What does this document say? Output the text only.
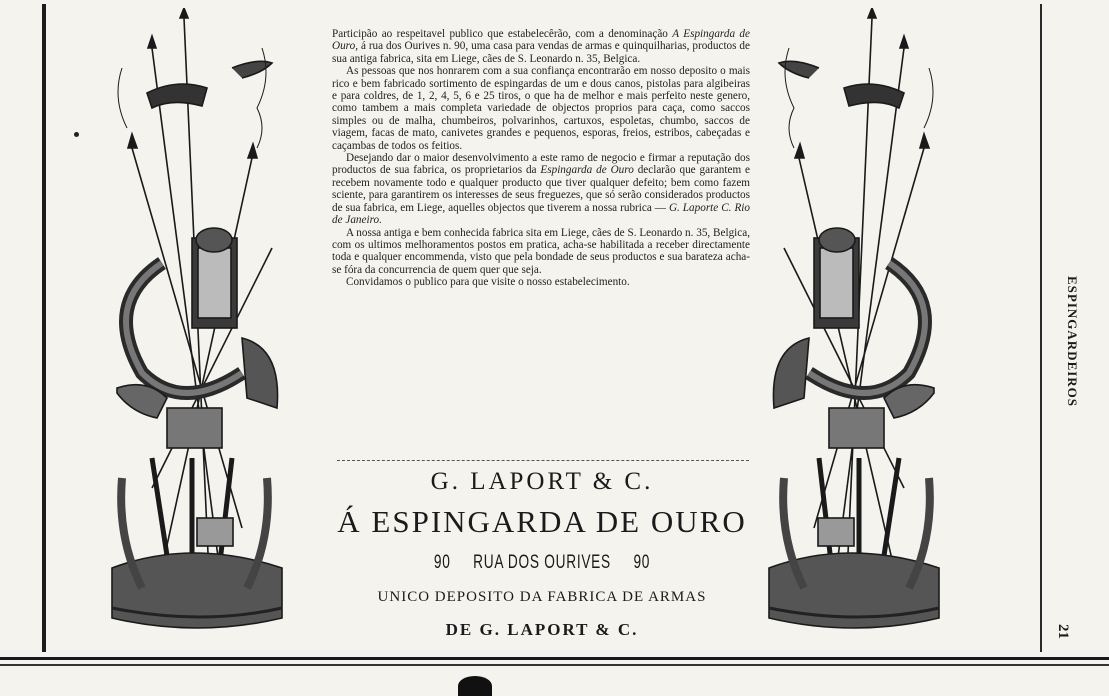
Participão ao respeitavel publico que estabelecêrão, com a denominação A Espingarda de Ouro, á rua dos Ourives n. 90, uma casa para vendas de armas e quinquilharias, productos de sua antiga fabrica, sita em Liege, cães de S. Leonardo n. 35, Belgica.

As pessoas que nos honrarem com a sua confiança encontrarão em nosso deposito o mais rico e bem fabricado sortimento de espingardas de um e dous canos, pistolas para algibeiras e para coldres, de 1, 2, 4, 5, 6 e 25 tiros, o que ha de melhor e mais perfeito neste genero, como tambem a mais completa variedade de objectos proprios para caça, como saccos simples ou de malha, chumbeiros, polvarinhos, cartuxos, espoletas, chumbo, saccos de viagem, facas de mato, canivetes grandes e pequenos, esporas, freios, estribos, cabeçadas e caçambas de todos os feitios.

Desejando dar o maior desenvolvimento a este ramo de negocio e firmar a reputação dos productos de sua fabrica, os proprietarios da Espingarda de Ouro declarão que garantem e recebem novamente todo e qualquer producto que tiver qualquer defeito; bem como fazem sciente, para garantirem os interesses de seus freguezes, que só serão considerados productos de sua fabrica, em Liege, aquelles objectos que tiverem a nossa rubrica — G. Laporte C. Rio de Janeiro.

A nossa antiga e bem conhecida fabrica sita em Liege, cães de S. Leonardo n. 35, Belgica, com os ultimos melhoramentos postos em pratica, acha-se habilitada a receber directamente toda e qualquer encommenda, visto que pela bondade de seus productos e sua barateza acha-se fóra da concurrencia de quem quer que seja.

Convidamos o publico para que visite o nosso estabelecimento.

G. LAPORT & C.
Á ESPINGARDA DE OURO
90     RUA DOS OURIVES     90
UNICO DEPOSITO DA FABRICA DE ARMAS
DE G. LAPORT & C.
ESPINGARDEIROS
21
